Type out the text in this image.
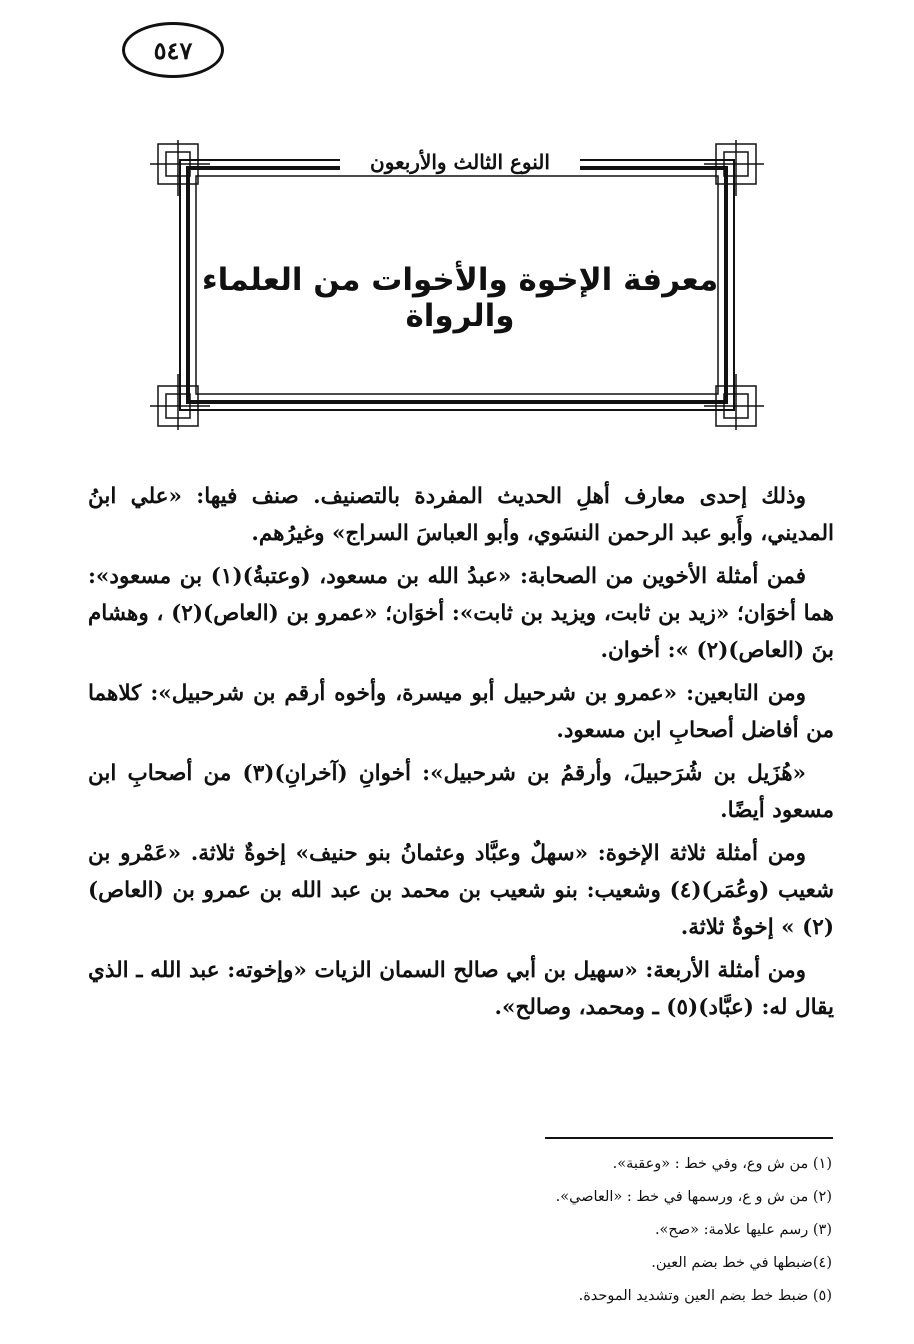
٥٤٧
النوع الثالث والأربعون
معرفة الإخوة والأخوات من العلماء والرواة

وذلك إحدى معارف أهلِ الحديث المفردة بالتصنيف. صنف فيها: «علي ابنُ المديني، وأَبو عبد الرحمن النسَوي، وأبو العباسَ السراج» وغيرُهم.

فمن أمثلة الأخوين من الصحابة: «عبدُ الله بن مسعود، (وعتبةُ)(١) بن مسعود»: هما أخوَان؛ «زيد بن ثابت، ويزيد بن ثابت»: أخوَان؛ «عمرو بن (العاص)(٢) ، وهشام بنَ (العاص)(٢) »: أخوان.

ومن التابعين: «عمرو بن شرحبيل أبو ميسرة، وأخوه أرقم بن شرحبيل»: كلاهما من أفاضل أصحابِ ابن مسعود.

«هُزَيل بن شُرَحبيلَ، وأرقمُ بن شرحبيل»: أخوانِ (آخرانِ)(٣) من أصحابِ ابن مسعود أيضًا.

ومن أمثلة ثلاثة الإخوة: «سهلٌ وعبَّاد وعثمانُ بنو حنيف» إخوةٌ ثلاثة. «عَمْرو بن شعيب (وعُمَر)(٤) وشعيب: بنو شعيب بن محمد بن عبد الله بن عمرو بن (العاص)(٢) » إخوةٌ ثلاثة.

ومن أمثلة الأربعة: «سهيل بن أبي صالح السمان الزيات «وإخوته: عبد الله ـ الذي يقال له: (عبَّاد)(٥) ـ ومحمد، وصالح».

(١) من ش وع، وفي خط : «وعقبة».
(٢) من ش و ع، ورسمها في خط : «العاصي».
(٣) رسم عليها علامة: «صح».
(٤)ضبطها في خط بضم العين.
(٥) ضبط خط بضم العين وتشديد الموحدة.
